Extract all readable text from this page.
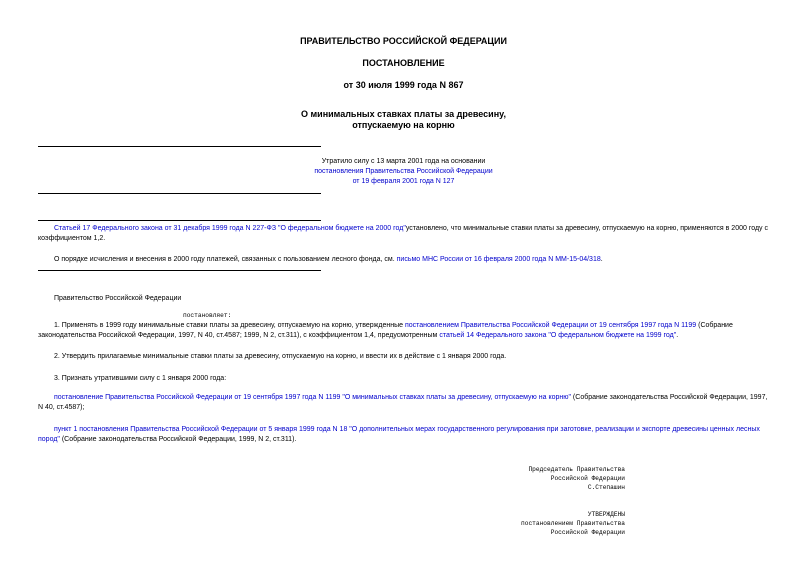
ПРАВИТЕЛЬСТВО РОССИЙСКОЙ ФЕДЕРАЦИИ
ПОСТАНОВЛЕНИЕ
от 30 июля 1999 года N 867
О минимальных ставках платы за древесину,
отпускаемую на корню
Утратило силу с 13 марта 2001 года на основании
постановления Правительства Российской Федерации
от 19 февраля 2001 года N 127
Статьей 17 Федерального закона от 31 декабря 1999 года N 227-ФЗ "О федеральном бюджете на 2000 год"установлено, что минимальные ставки платы за древесину, отпускаемую на корню, применяются в 2000 году с коэффициентом 1,2.
О порядке исчисления и внесения в 2000 году платежей, связанных с пользованием лесного фонда, см. письмо МНС России от 16 февраля 2000 года N ММ-15-04/318.
Правительство Российской Федерации
постановляет:
1. Применять в 1999 году минимальные ставки платы за древесину, отпускаемую на корню, утвержденные постановлением Правительства Российской Федерации от 19 сентября 1997 года N 1199 (Собрание законодательства Российской Федерации, 1997, N 40, ст.4587; 1999, N 2, ст.311), с коэффициентом 1,4, предусмотренным статьей 14 Федерального закона "О федеральном бюджете на 1999 год".
2. Утвердить прилагаемые минимальные ставки платы за древесину, отпускаемую на корню, и ввести их в действие с 1 января 2000 года.
3. Признать утратившими силу с 1 января 2000 года:
постановление Правительства Российской Федерации от 19 сентября 1997 года N 1199 "О минимальных ставках платы за древесину, отпускаемую на корню" (Собрание законодательства Российской Федерации, 1997, N 40, ст.4587);
пункт 1 постановления Правительства Российской Федерации от 5 января 1999 года N 18 "О дополнительных мерах государственного регулирования при заготовке, реализации и экспорте древесины ценных лесных пород" (Собрание законодательства Российской Федерации, 1999, N 2, ст.311).
Председатель Правительства
Российской Федерации
С.Степашин
УТВЕРЖДЕНЫ
постановлением Правительства
Российской Федерации
